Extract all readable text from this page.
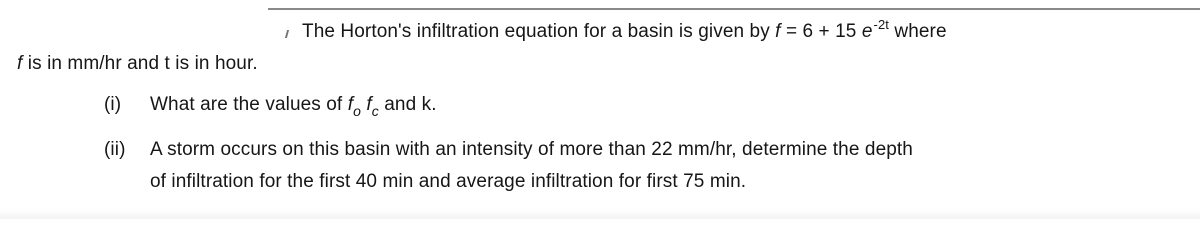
The Horton's infiltration equation for a basin is given by f = 6 + 15 $e^{-2t}$ where
f is in mm/hr and t is in hour.
(i) What are the values of $f_o$ $f_c$ and k.
(ii) A storm occurs on this basin with an intensity of more than 22 mm/hr, determine the depth
of infiltration for the first 40 min and average infiltration for first 75 min.
